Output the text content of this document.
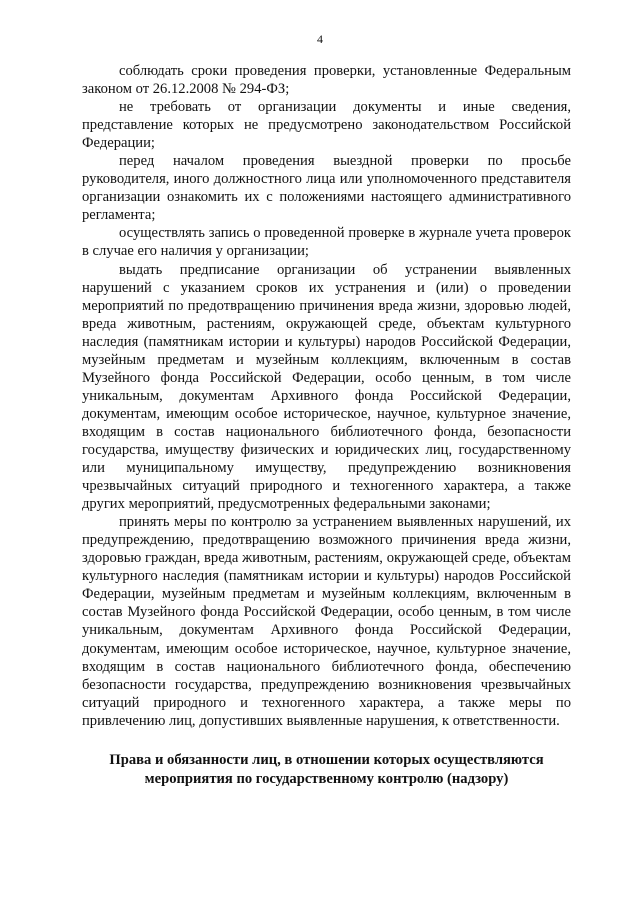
4

соблюдать сроки проведения проверки, установленные Федеральным законом от 26.12.2008 № 294-ФЗ;

не требовать от организации документы и иные сведения, представление которых не предусмотрено законодательством Российской Федерации;

перед началом проведения выездной проверки по просьбе руководителя, иного должностного лица или уполномоченного представителя организации ознакомить их с положениями настоящего административного регламента;

осуществлять запись о проведенной проверке в журнале учета проверок в случае его наличия у организации;

выдать предписание организации об устранении выявленных нарушений с указанием сроков их устранения и (или) о проведении мероприятий по предотвращению причинения вреда жизни, здоровью людей, вреда животным, растениям, окружающей среде, объектам культурного наследия (памятникам истории и культуры) народов Российской Федерации, музейным предметам и музейным коллекциям, включенным в состав Музейного фонда Российской Федерации, особо ценным, в том числе уникальным, документам Архивного фонда Российской Федерации, документам, имеющим особое историческое, научное, культурное значение, входящим в состав национального библиотечного фонда, безопасности государства, имуществу физических и юридических лиц, государственному или муниципальному имуществу, предупреждению возникновения чрезвычайных ситуаций природного и техногенного характера, а также других мероприятий, предусмотренных федеральными законами;

принять меры по контролю за устранением выявленных нарушений, их предупреждению, предотвращению возможного причинения вреда жизни, здоровью граждан, вреда животным, растениям, окружающей среде, объектам культурного наследия (памятникам истории и культуры) народов Российской Федерации, музейным предметам и музейным коллекциям, включенным в состав Музейного фонда Российской Федерации, особо ценным, в том числе уникальным, документам Архивного фонда Российской Федерации, документам, имеющим особое историческое, научное, культурное значение, входящим в состав национального библиотечного фонда, обеспечению безопасности государства, предупреждению возникновения чрезвычайных ситуаций природного и техногенного характера, а также меры по привлечению лиц, допустивших выявленные нарушения, к ответственности.

Права и обязанности лиц, в отношении которых осуществляются мероприятия по государственному контролю (надзору)
